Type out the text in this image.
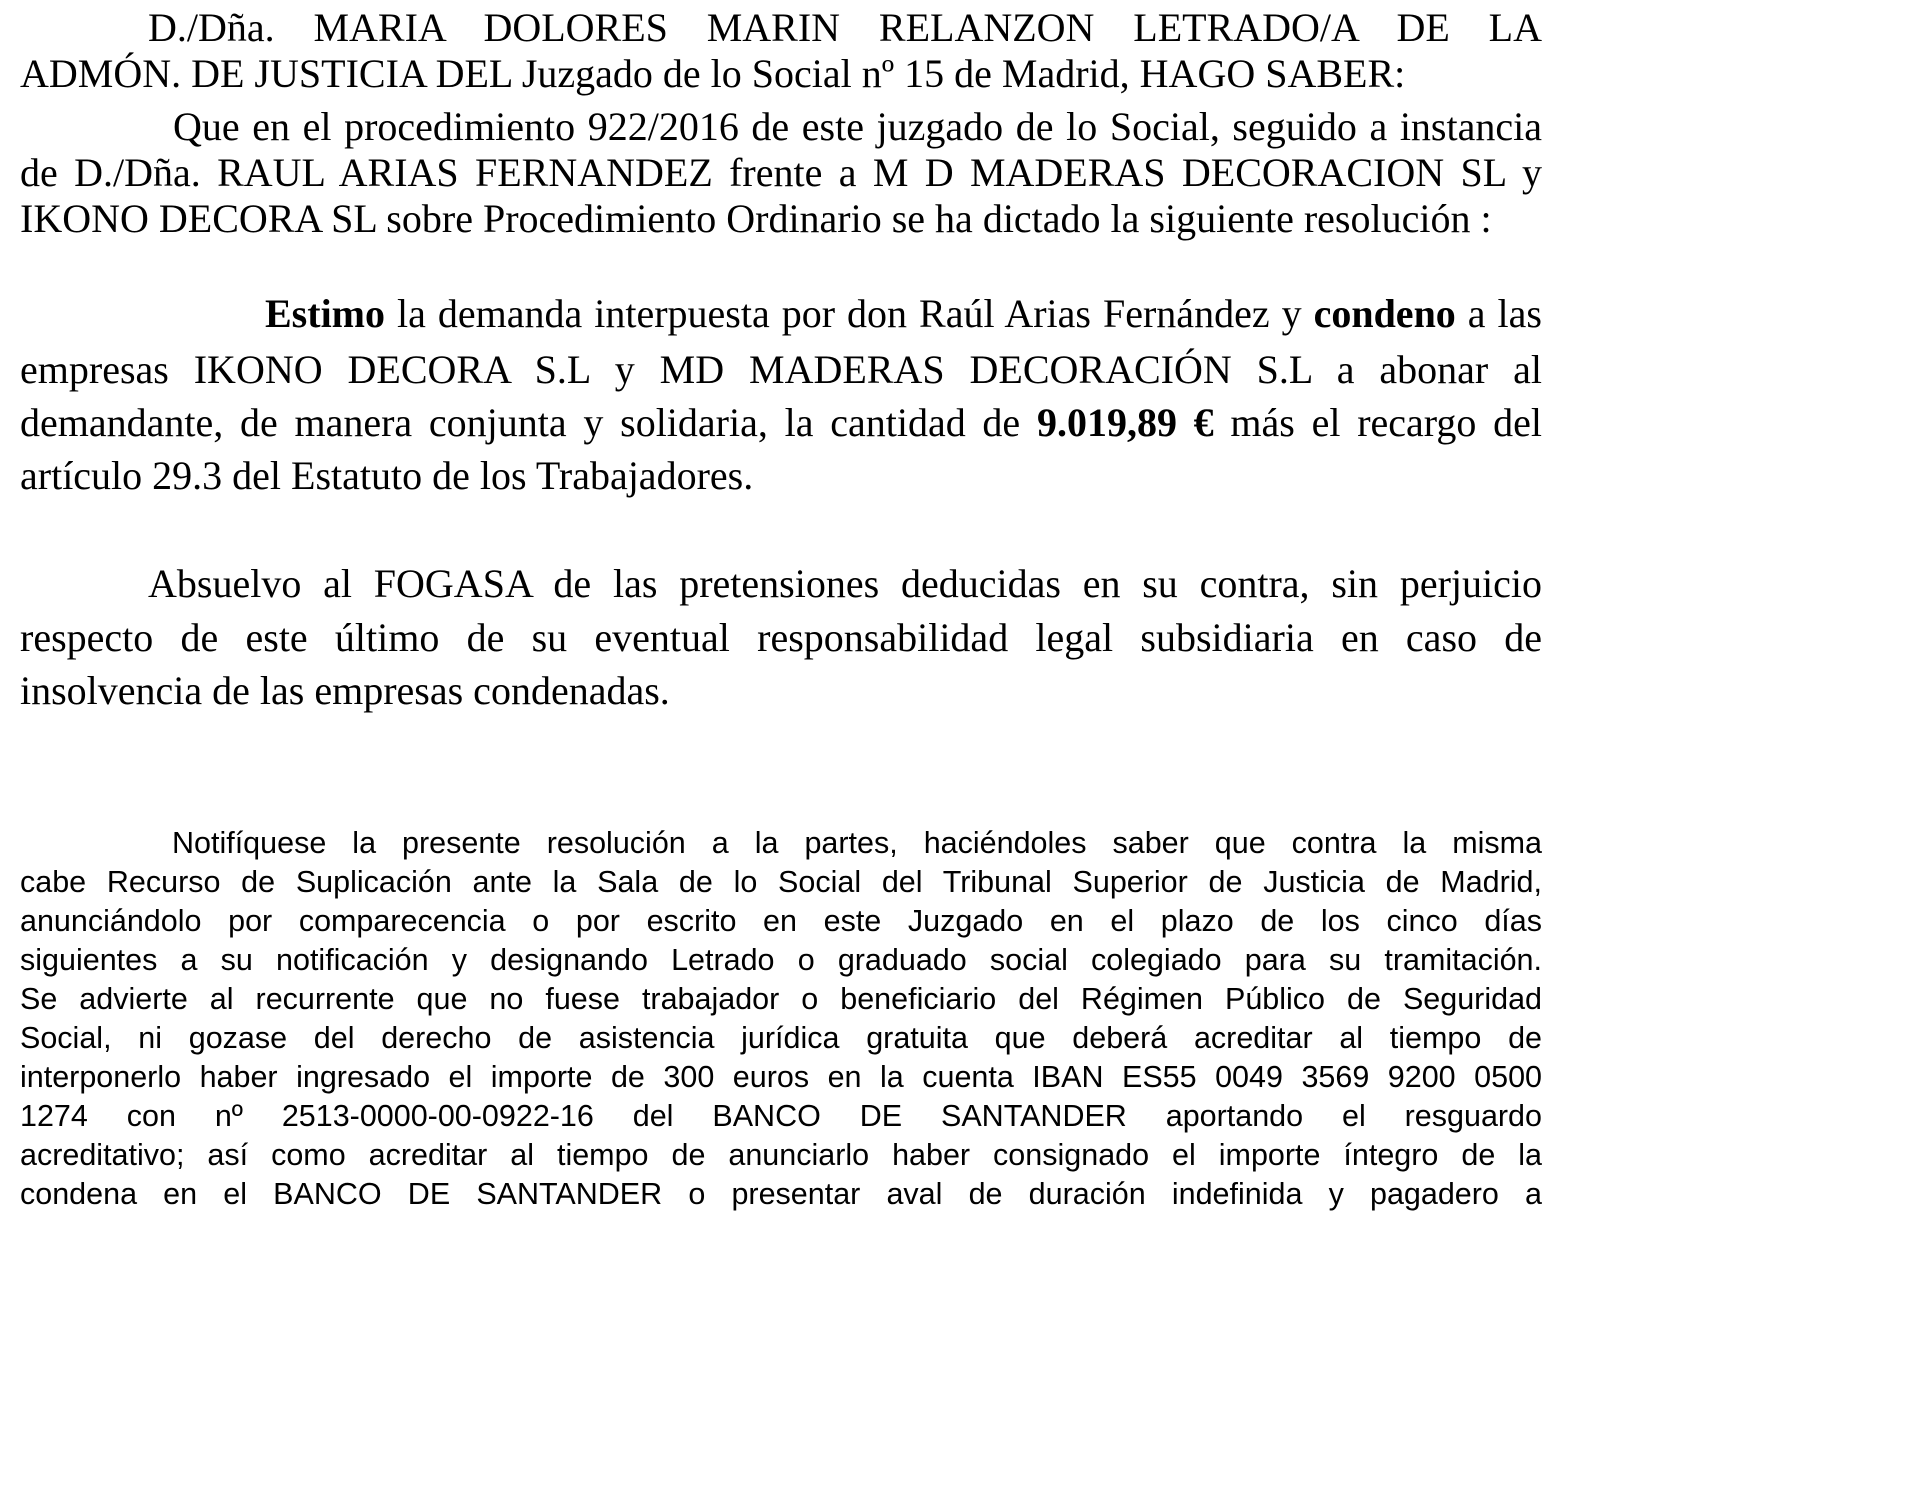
D./Dña. MARIA DOLORES MARIN RELANZON LETRADO/A DE LA
ADMÓN. DE JUSTICIA DEL Juzgado de lo Social nº 15 de Madrid, HAGO SABER:
Que en el procedimiento 922/2016 de este juzgado de lo Social, seguido a instancia
de D./Dña. RAUL ARIAS FERNANDEZ frente a M D MADERAS DECORACION SL y
IKONO DECORA SL sobre Procedimiento Ordinario se ha dictado la siguiente resolución :
Estimo la demanda interpuesta por don Raúl Arias Fernández y condeno a las
empresas IKONO DECORA S.L y MD MADERAS DECORACIÓN S.L a abonar al
demandante, de manera conjunta y solidaria, la cantidad de 9.019,89 € más el recargo del
artículo 29.3 del Estatuto de los Trabajadores.
Absuelvo al FOGASA de las pretensiones deducidas en su contra, sin perjuicio
respecto de este último de su eventual responsabilidad legal subsidiaria en caso de
insolvencia de las empresas condenadas.
Notifíquese la presente resolución a la partes, haciéndoles saber que contra la misma
cabe Recurso de Suplicación ante la Sala de lo Social del Tribunal Superior de Justicia de Madrid,
anunciándolo por comparecencia o por escrito en este Juzgado en el plazo de los cinco días
siguientes a su notificación y designando Letrado o graduado social colegiado para su tramitación.
Se advierte al recurrente que no fuese trabajador o beneficiario del Régimen Público de Seguridad
Social, ni gozase del derecho de asistencia jurídica gratuita que deberá acreditar al tiempo de
interponerlo haber ingresado el importe de 300 euros en la cuenta IBAN ES55 0049 3569 9200 0500
1274 con nº 2513-0000-00-0922-16 del BANCO DE SANTANDER aportando el resguardo
acreditativo; así como acreditar al tiempo de anunciarlo haber consignado el importe íntegro de la
condena en el BANCO DE SANTANDER o presentar aval de duración indefinida y pagadero a
